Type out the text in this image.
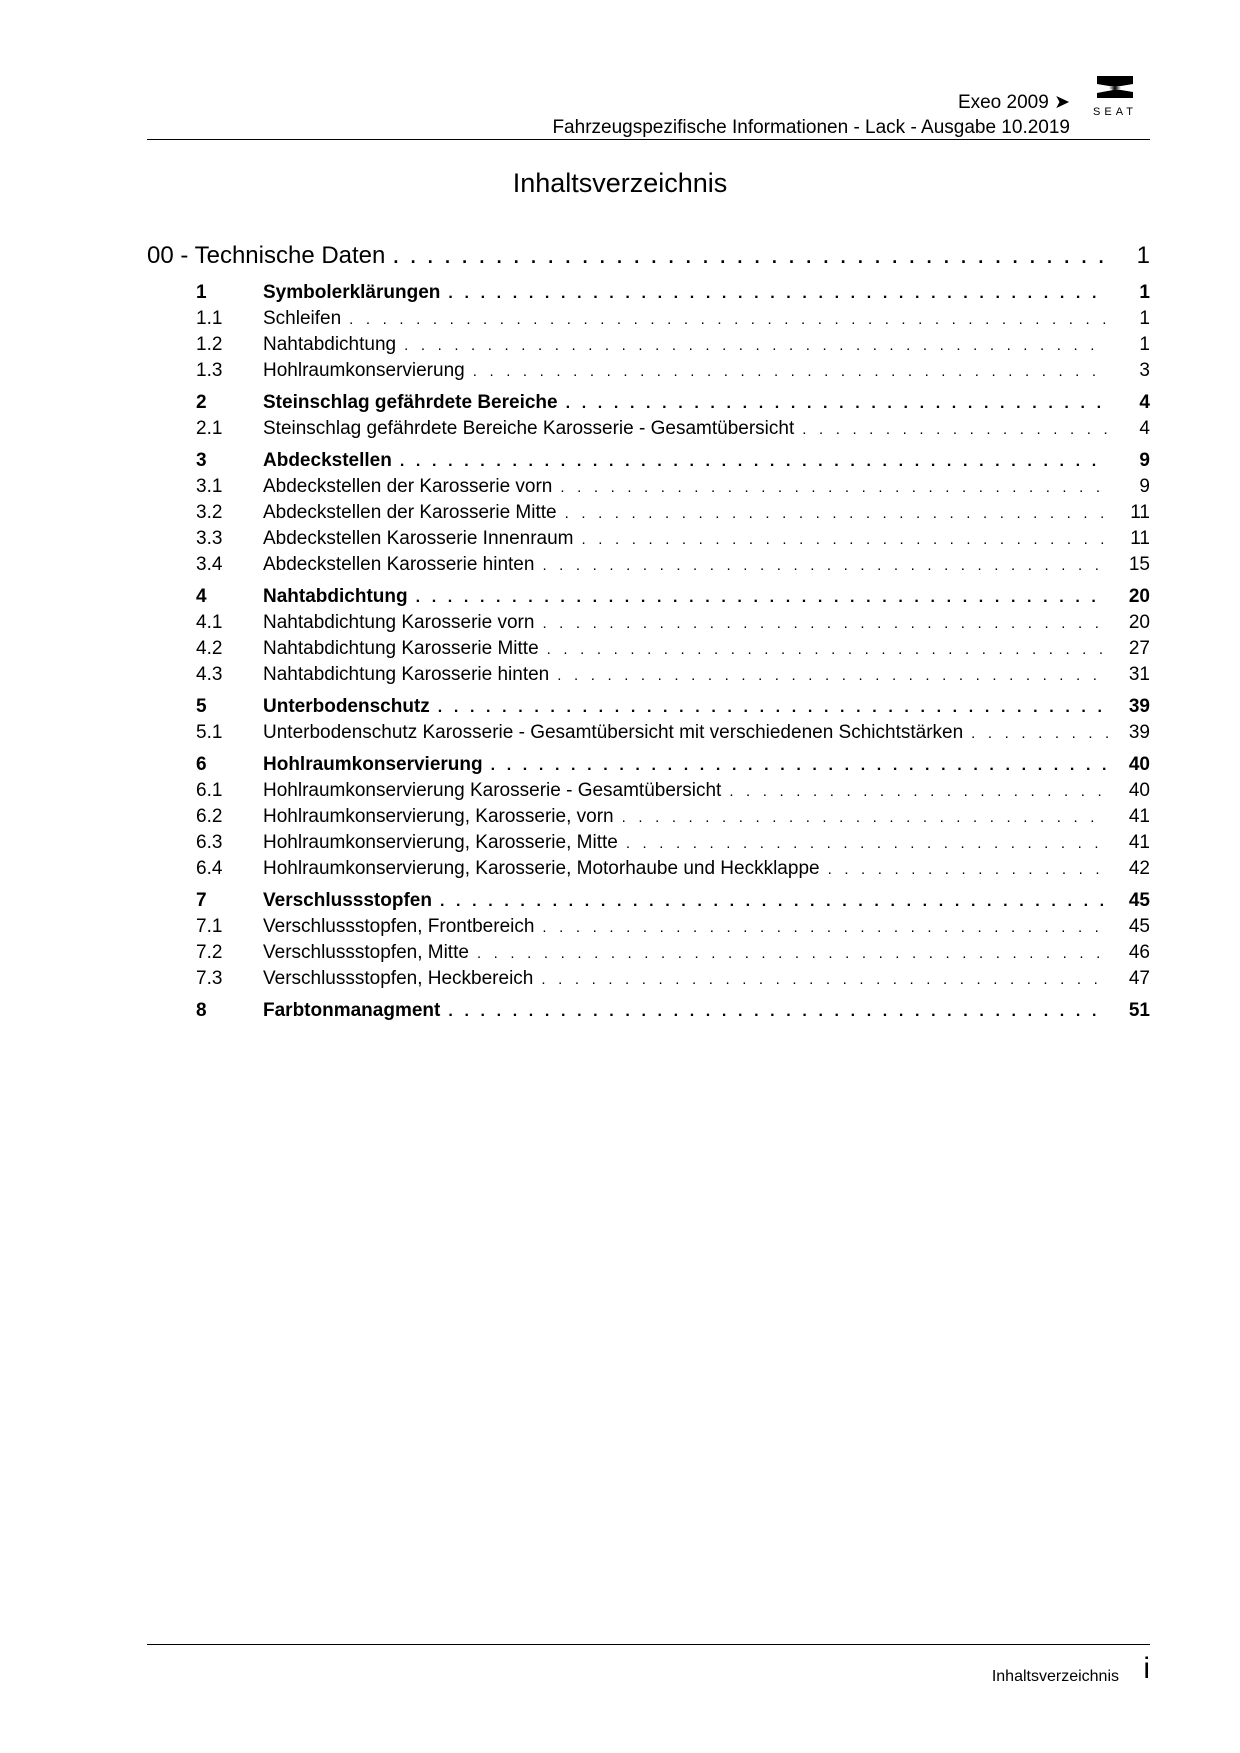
Exeo 2009 ➤
Fahrzeugspezifische Informationen - Lack - Ausgabe 10.2019
SEAT
Inhaltsverzeichnis
00 - Technische Daten . . .	1
1	Symbolerklärungen . . .	1
1.1	Schleifen . . .	1
1.2	Nahtabdichtung . . .	1
1.3	Hohlraumkonservierung . . .	3
2	Steinschlag gefährdete Bereiche . . .	4
2.1	Steinschlag gefährdete Bereiche Karosserie - Gesamtübersicht . . .	4
3	Abdeckstellen . . .	9
3.1	Abdeckstellen der Karosserie vorn . . .	9
3.2	Abdeckstellen der Karosserie Mitte . . .	11
3.3	Abdeckstellen Karosserie Innenraum . . .	11
3.4	Abdeckstellen Karosserie hinten . . .	15
4	Nahtabdichtung . . .	20
4.1	Nahtabdichtung Karosserie vorn . . .	20
4.2	Nahtabdichtung Karosserie Mitte . . .	27
4.3	Nahtabdichtung Karosserie hinten . . .	31
5	Unterbodenschutz . . .	39
5.1	Unterbodenschutz Karosserie - Gesamtübersicht mit verschiedenen Schichtstärken . . .	39
6	Hohlraumkonservierung . . .	40
6.1	Hohlraumkonservierung Karosserie - Gesamtübersicht . . .	40
6.2	Hohlraumkonservierung, Karosserie, vorn . . .	41
6.3	Hohlraumkonservierung, Karosserie, Mitte . . .	41
6.4	Hohlraumkonservierung, Karosserie, Motorhaube und Heckklappe . . .	42
7	Verschlussstopfen . . .	45
7.1	Verschlussstopfen, Frontbereich . . .	45
7.2	Verschlussstopfen, Mitte . . .	46
7.3	Verschlussstopfen, Heckbereich . . .	47
8	Farbtonmanagment . . .	51
Inhaltsverzeichnis i
